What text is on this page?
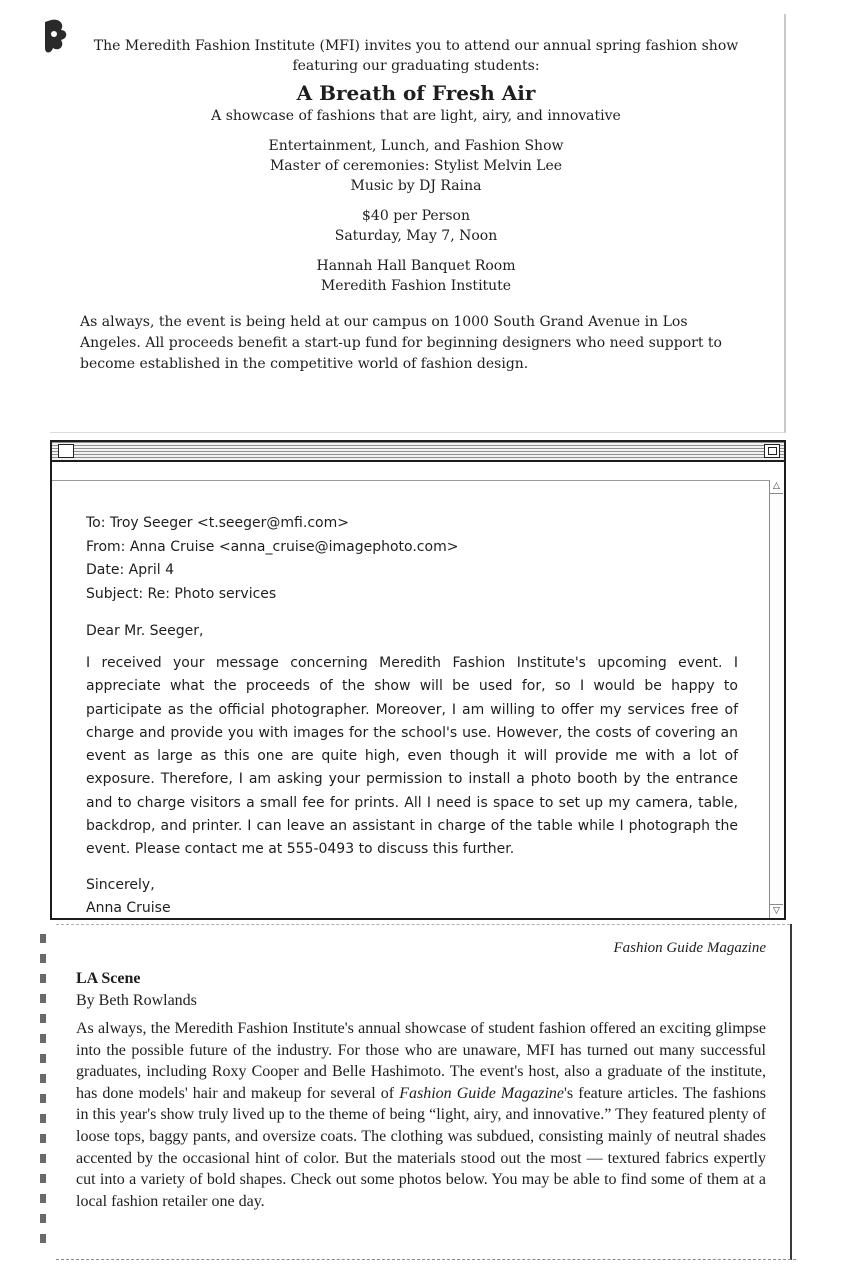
The Meredith Fashion Institute (MFI) invites you to attend our annual spring fashion show

featuring our graduating students:

A Breath of Fresh Air

A showcase of fashions that are light, airy, and innovative

Entertainment, Lunch, and Fashion Show

Master of ceremonies: Stylist Melvin Lee

Music by DJ Raina

$40 per Person

Saturday, May 7, Noon

Hannah Hall Banquet Room

Meredith Fashion Institute

As always, the event is being held at our campus on 1000 South Grand Avenue in Los Angeles. All proceeds benefit a start-up fund for beginning designers who need support to become established in the competitive world of fashion design.

△
▽

To: Troy Seeger <t.seeger@mfi.com>

From: Anna Cruise <anna_cruise@imagephoto.com>

Date: April 4

Subject: Re: Photo services

Dear Mr. Seeger,

I received your message concerning Meredith Fashion Institute's upcoming event. I appreciate what the proceeds of the show will be used for, so I would be happy to participate as the official photographer. Moreover, I am willing to offer my services free of charge and provide you with images for the school's use. However, the costs of covering an event as large as this one are quite high, even though it will provide me with a lot of exposure. Therefore, I am asking your permission to install a photo booth by the entrance and to charge visitors a small fee for prints. All I need is space to set up my camera, table, backdrop, and printer. I can leave an assistant in charge of the table while I photograph the event. Please contact me at 555-0493 to discuss this further.

Sincerely,

Anna Cruise

Fashion Guide Magazine

LA Scene

By Beth Rowlands

As always, the Meredith Fashion Institute's annual showcase of student fashion offered an exciting glimpse into the possible future of the industry. For those who are unaware, MFI has turned out many successful graduates, including Roxy Cooper and Belle Hashimoto. The event's host, also a graduate of the institute, has done models' hair and makeup for several of Fashion Guide Magazine's feature articles. The fashions in this year's show truly lived up to the theme of being “light, airy, and innovative.” They featured plenty of loose tops, baggy pants, and oversize coats. The clothing was subdued, consisting mainly of neutral shades accented by the occasional hint of color. But the materials stood out the most — textured fabrics expertly cut into a variety of bold shapes. Check out some photos below. You may be able to find some of them at a local fashion retailer one day.
